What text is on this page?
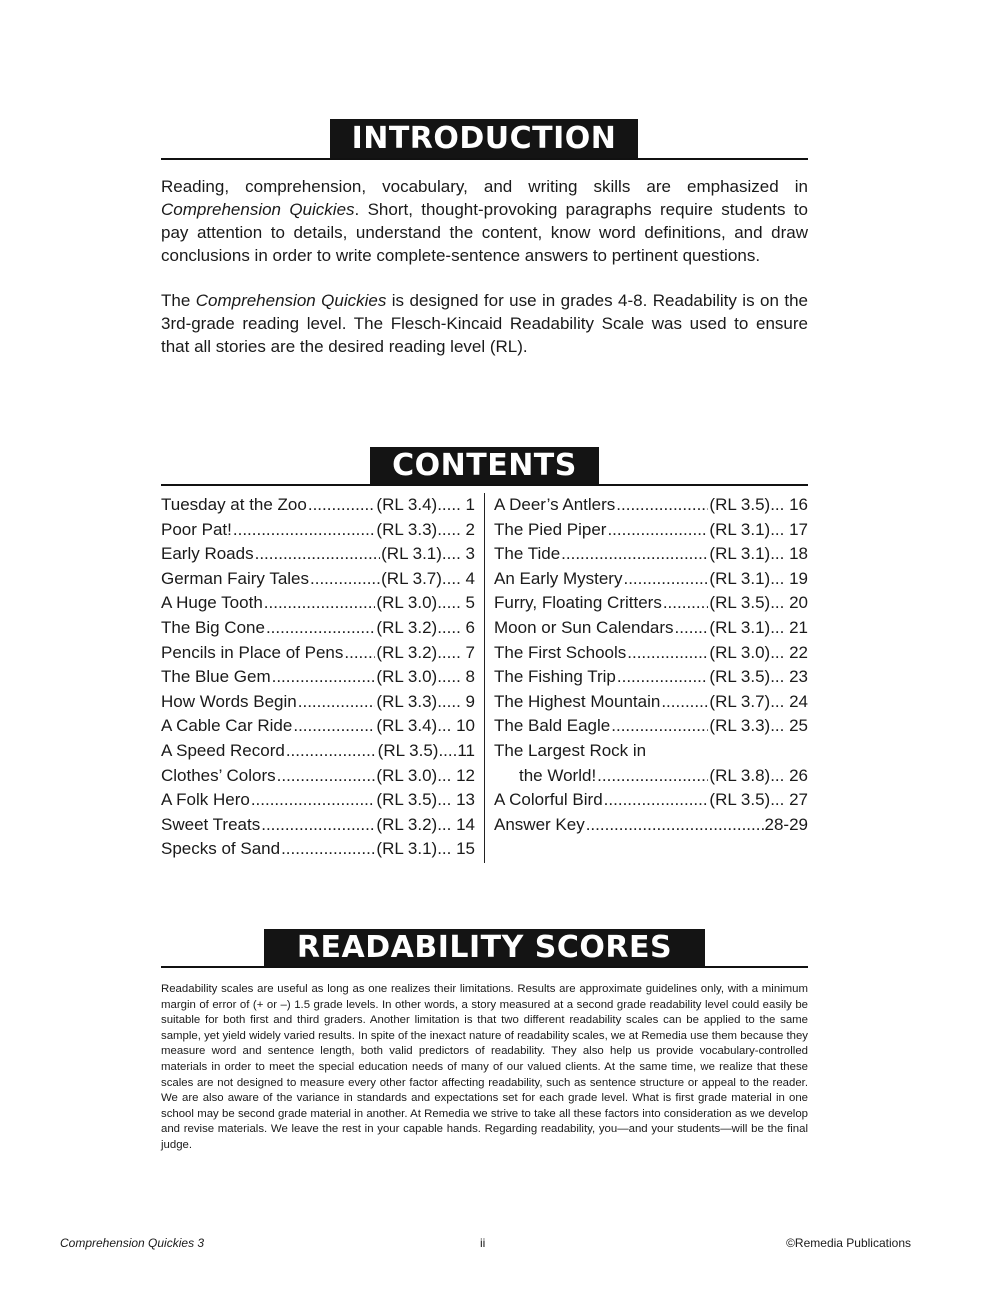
INTRODUCTION

Reading, comprehension, vocabulary, and writing skills are emphasized in Comprehension Quickies. Short, thought-provoking paragraphs require students to pay attention to details, understand the content, know word definitions, and draw conclusions in order to write complete-sentence answers to pertinent questions.

The Comprehension Quickies is designed for use in grades 4-8. Readability is on the 3rd-grade reading level. The Flesch-Kincaid Readability Scale was used to ensure that all stories are the desired reading level (RL).

CONTENTS
Tuesday at the Zoo .....	(RL 3.4) ..... 1
Poor Pat! .....	(RL 3.3) ..... 2
Early Roads .....	(RL 3.1) .... 3
German Fairy Tales .....	(RL 3.7) .... 4
A Huge Tooth .....	(RL 3.0) ..... 5
The Big Cone .....	(RL 3.2) ..... 6
Pencils in Place of Pens ..... (RL 3.2) ..... 7
The Blue Gem .....	(RL 3.0) ..... 8
How Words Begin .....	(RL 3.3) ..... 9
A Cable Car Ride .....	(RL 3.4) ... 10
A Speed Record .....	(RL 3.5) ....11
Clothes’ Colors .....	(RL 3.0) ... 12
A Folk Hero .....	(RL 3.5) ... 13
Sweet Treats .....	(RL 3.2) ... 14
Specks of Sand .....	(RL 3.1) ... 15
A Deer’s Antlers .....	(RL 3.5) ... 16
The Pied Piper .....	(RL 3.1) ... 17
The Tide .....	(RL 3.1) ... 18
An Early Mystery .....	(RL 3.1) ... 19
Furry, Floating Critters .....	(RL 3.5) ... 20
Moon or Sun Calendars ..... (RL 3.1) ... 21
The First Schools .....	(RL 3.0) ... 22
The Fishing Trip .....	(RL 3.5) ... 23
The Highest Mountain .....	(RL 3.7) ... 24
The Bald Eagle .....	(RL 3.3) ... 25
The Largest Rock in
the World! .....	(RL 3.8) ... 26
A Colorful Bird .....	(RL 3.5) ... 27
Answer Key .....	28-29
READABILITY SCORES

Readability scales are useful as long as one realizes their limitations. Results are approximate guidelines only, with a minimum margin of error of (+ or –) 1.5 grade levels. In other words, a story measured at a second grade readability level could easily be suitable for both first and third graders. Another limitation is that two different readability scales can be applied to the same sample, yet yield widely varied results. In spite of the inexact nature of readability scales, we at Remedia use them because they measure word and sentence length, both valid predictors of readability. They also help us provide vocabulary-controlled materials in order to meet the special education needs of many of our valued clients. At the same time, we realize that these scales are not designed to measure every other factor affecting readability, such as sentence structure or appeal to the reader. We are also aware of the variance in standards and expectations set for each grade level. What is first grade material in one school may be second grade material in another. At Remedia we strive to take all these factors into consideration as we develop and revise materials. We leave the rest in your capable hands. Regarding readability, you—and your students—will be the final judge.

Comprehension Quickies 3	ii	©Remedia Publications
